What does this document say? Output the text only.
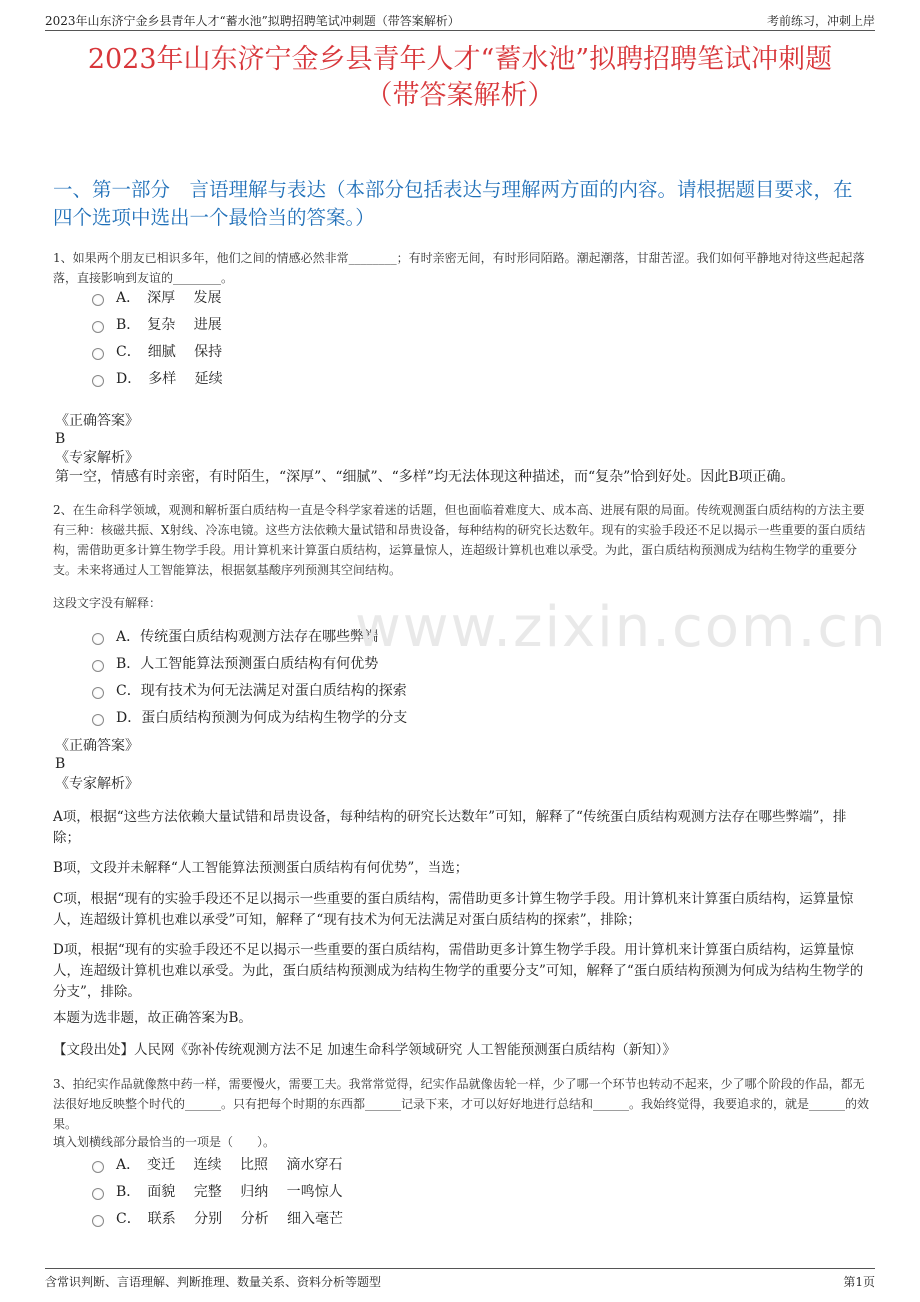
2023年山东济宁金乡县青年人才“蓄水池”拟聘招聘笔试冲刺题（带答案解析）	考前练习，冲刺上岸
2023年山东济宁金乡县青年人才“蓄水池”拟聘招聘笔试冲刺题
（带答案解析）
一、第一部分　言语理解与表达（本部分包括表达与理解两方面的内容。请根据题目要求，在四个选项中选出一个最恰当的答案。）
1、如果两个朋友已相识多年，他们之间的情感必然非常________；有时亲密无间，有时形同陌路。潮起潮落，甘甜苦涩。我们如何平静地对待这些起起落落，直接影响到友谊的________。
A．　深厚　 发展
B．　复杂　 进展
C．　细腻　 保持
D．　多样　 延续
《正确答案》
B
《专家解析》
第一空，情感有时亲密，有时陌生，“深厚”、“细腻”、“多样”均无法体现这种描述，而“复杂”恰到好处。因此B项正确。
2、在生命科学领域，观测和解析蛋白质结构一直是令科学家着迷的话题，但也面临着难度大、成本高、进展有限的局面。传统观测蛋白质结构的方法主要有三种：核磁共振、X射线、冷冻电镜。这些方法依赖大量试错和昂贵设备，每种结构的研究长达数年。现有的实验手段还不足以揭示一些重要的蛋白质结构，需借助更多计算生物学手段。用计算机来计算蛋白质结构，运算量惊人，连超级计算机也难以承受。为此，蛋白质结构预测成为结构生物学的重要分支。未来将通过人工智能算法，根据氨基酸序列预测其空间结构。
这段文字没有解释：
A．传统蛋白质结构观测方法存在哪些弊端
B．人工智能算法预测蛋白质结构有何优势
C．现有技术为何无法满足对蛋白质结构的探索
D．蛋白质结构预测为何成为结构生物学的分支
《正确答案》
B
《专家解析》
A项，根据“这些方法依赖大量试错和昂贵设备，每种结构的研究长达数年”可知，解释了“传统蛋白质结构观测方法存在哪些弊端”，排除；
B项，文段并未解释“人工智能算法预测蛋白质结构有何优势”，当选；
C项，根据“现有的实验手段还不足以揭示一些重要的蛋白质结构，需借助更多计算生物学手段。用计算机来计算蛋白质结构，运算量惊人，连超级计算机也难以承受”可知，解释了“现有技术为何无法满足对蛋白质结构的探索”，排除；
D项，根据“现有的实验手段还不足以揭示一些重要的蛋白质结构，需借助更多计算生物学手段。用计算机来计算蛋白质结构，运算量惊人，连超级计算机也难以承受。为此，蛋白质结构预测成为结构生物学的重要分支”可知，解释了“蛋白质结构预测为何成为结构生物学的分支”，排除。
本题为选非题，故正确答案为B。
【文段出处】人民网《弥补传统观测方法不足 加速生命科学领域研究 人工智能预测蛋白质结构（新知）》
www.zixin.com.cn
3、拍纪实作品就像熬中药一样，需要慢火，需要工夫。我常常觉得，纪实作品就像齿轮一样，少了哪一个环节也转动不起来，少了哪个阶段的作品，都无法很好地反映整个时代的______。只有把每个时期的东西都______记录下来，才可以好好地进行总结和______。我始终觉得，我要追求的，就是______的效果。
填入划横线部分最恰当的一项是（　　）。
A．　变迁　 连续　 比照　 滴水穿石
B．　面貌　 完整　 归纳　 一鸣惊人
C．　联系　 分别　 分析　 细入毫芒
含常识判断、言语理解、判断推理、数量关系、资料分析等题型	第1页
